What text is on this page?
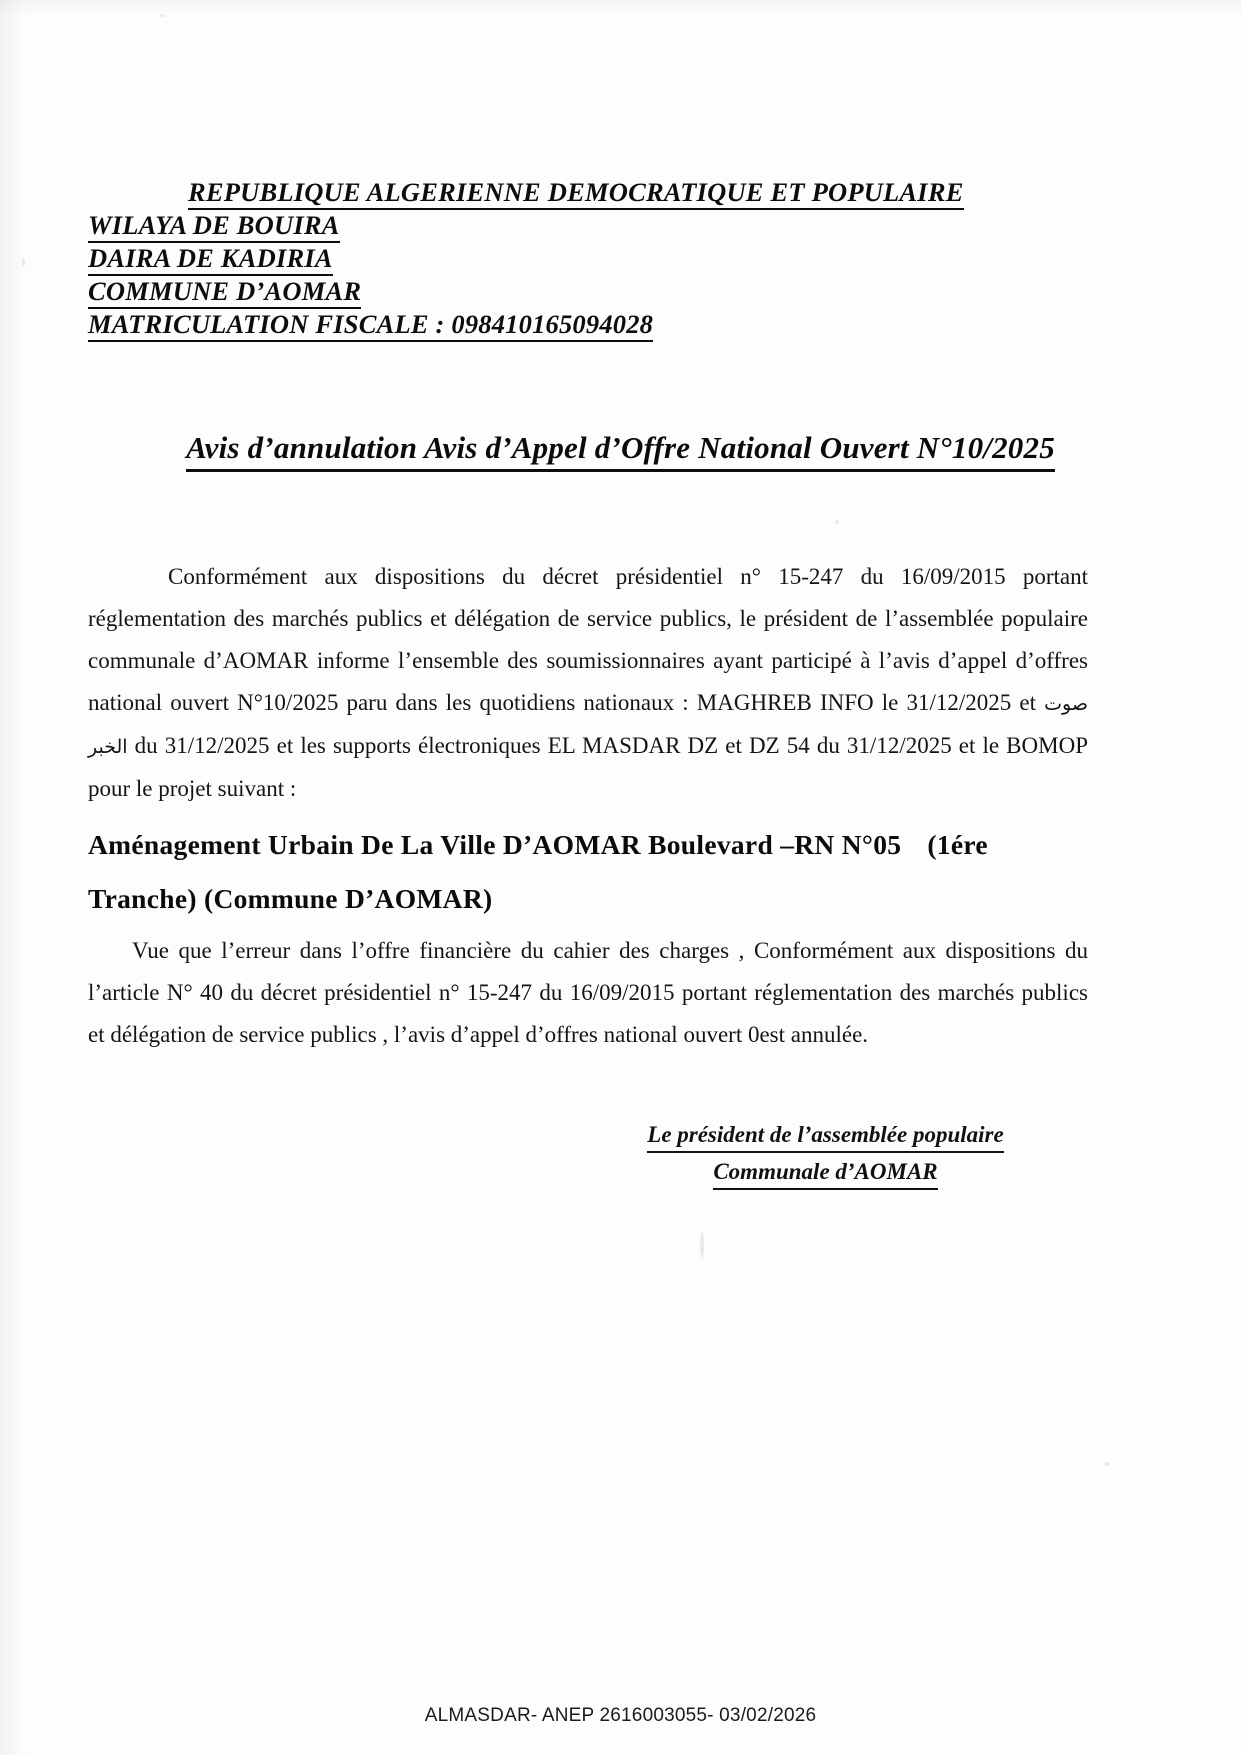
REPUBLIQUE ALGERIENNE DEMOCRATIQUE ET POPULAIRE
WILAYA DE BOUIRA
DAIRA DE KADIRIA
COMMUNE D’AOMAR
MATRICULATION FISCALE : 098410165094028
Avis d’annulation Avis d’Appel d’Offre National Ouvert N°10/2025

Conformément aux dispositions du décret présidentiel n° 15-247 du 16/09/2015 portant réglementation des marchés publics et délégation de service publics, le président de l’assemblée populaire communale d’AOMAR informe l’ensemble des soumissionnaires ayant participé à l’avis d’appel d’offres national ouvert N°10/2025 paru dans les quotidiens nationaux : MAGHREB INFO le 31/12/2025 et صوت الخبر du 31/12/2025 et les supports électroniques EL MASDAR DZ et DZ 54 du 31/12/2025 et le BOMOP pour le projet suivant :

Aménagement Urbain De La Ville D’AOMAR Boulevard –RN N°05 (1ére Tranche) (Commune D’AOMAR)

Vue que l’erreur dans l’offre financière du cahier des charges , Conformément aux dispositions du l’article N° 40 du décret présidentiel n° 15-247 du 16/09/2015 portant réglementation des marchés publics et délégation de service publics , l’avis d’appel d’offres national ouvert 0est annulée.

Le président de l’assemblée populaire
Communale d’AOMAR
ALMASDAR- ANEP 2616003055- 03/02/2026
